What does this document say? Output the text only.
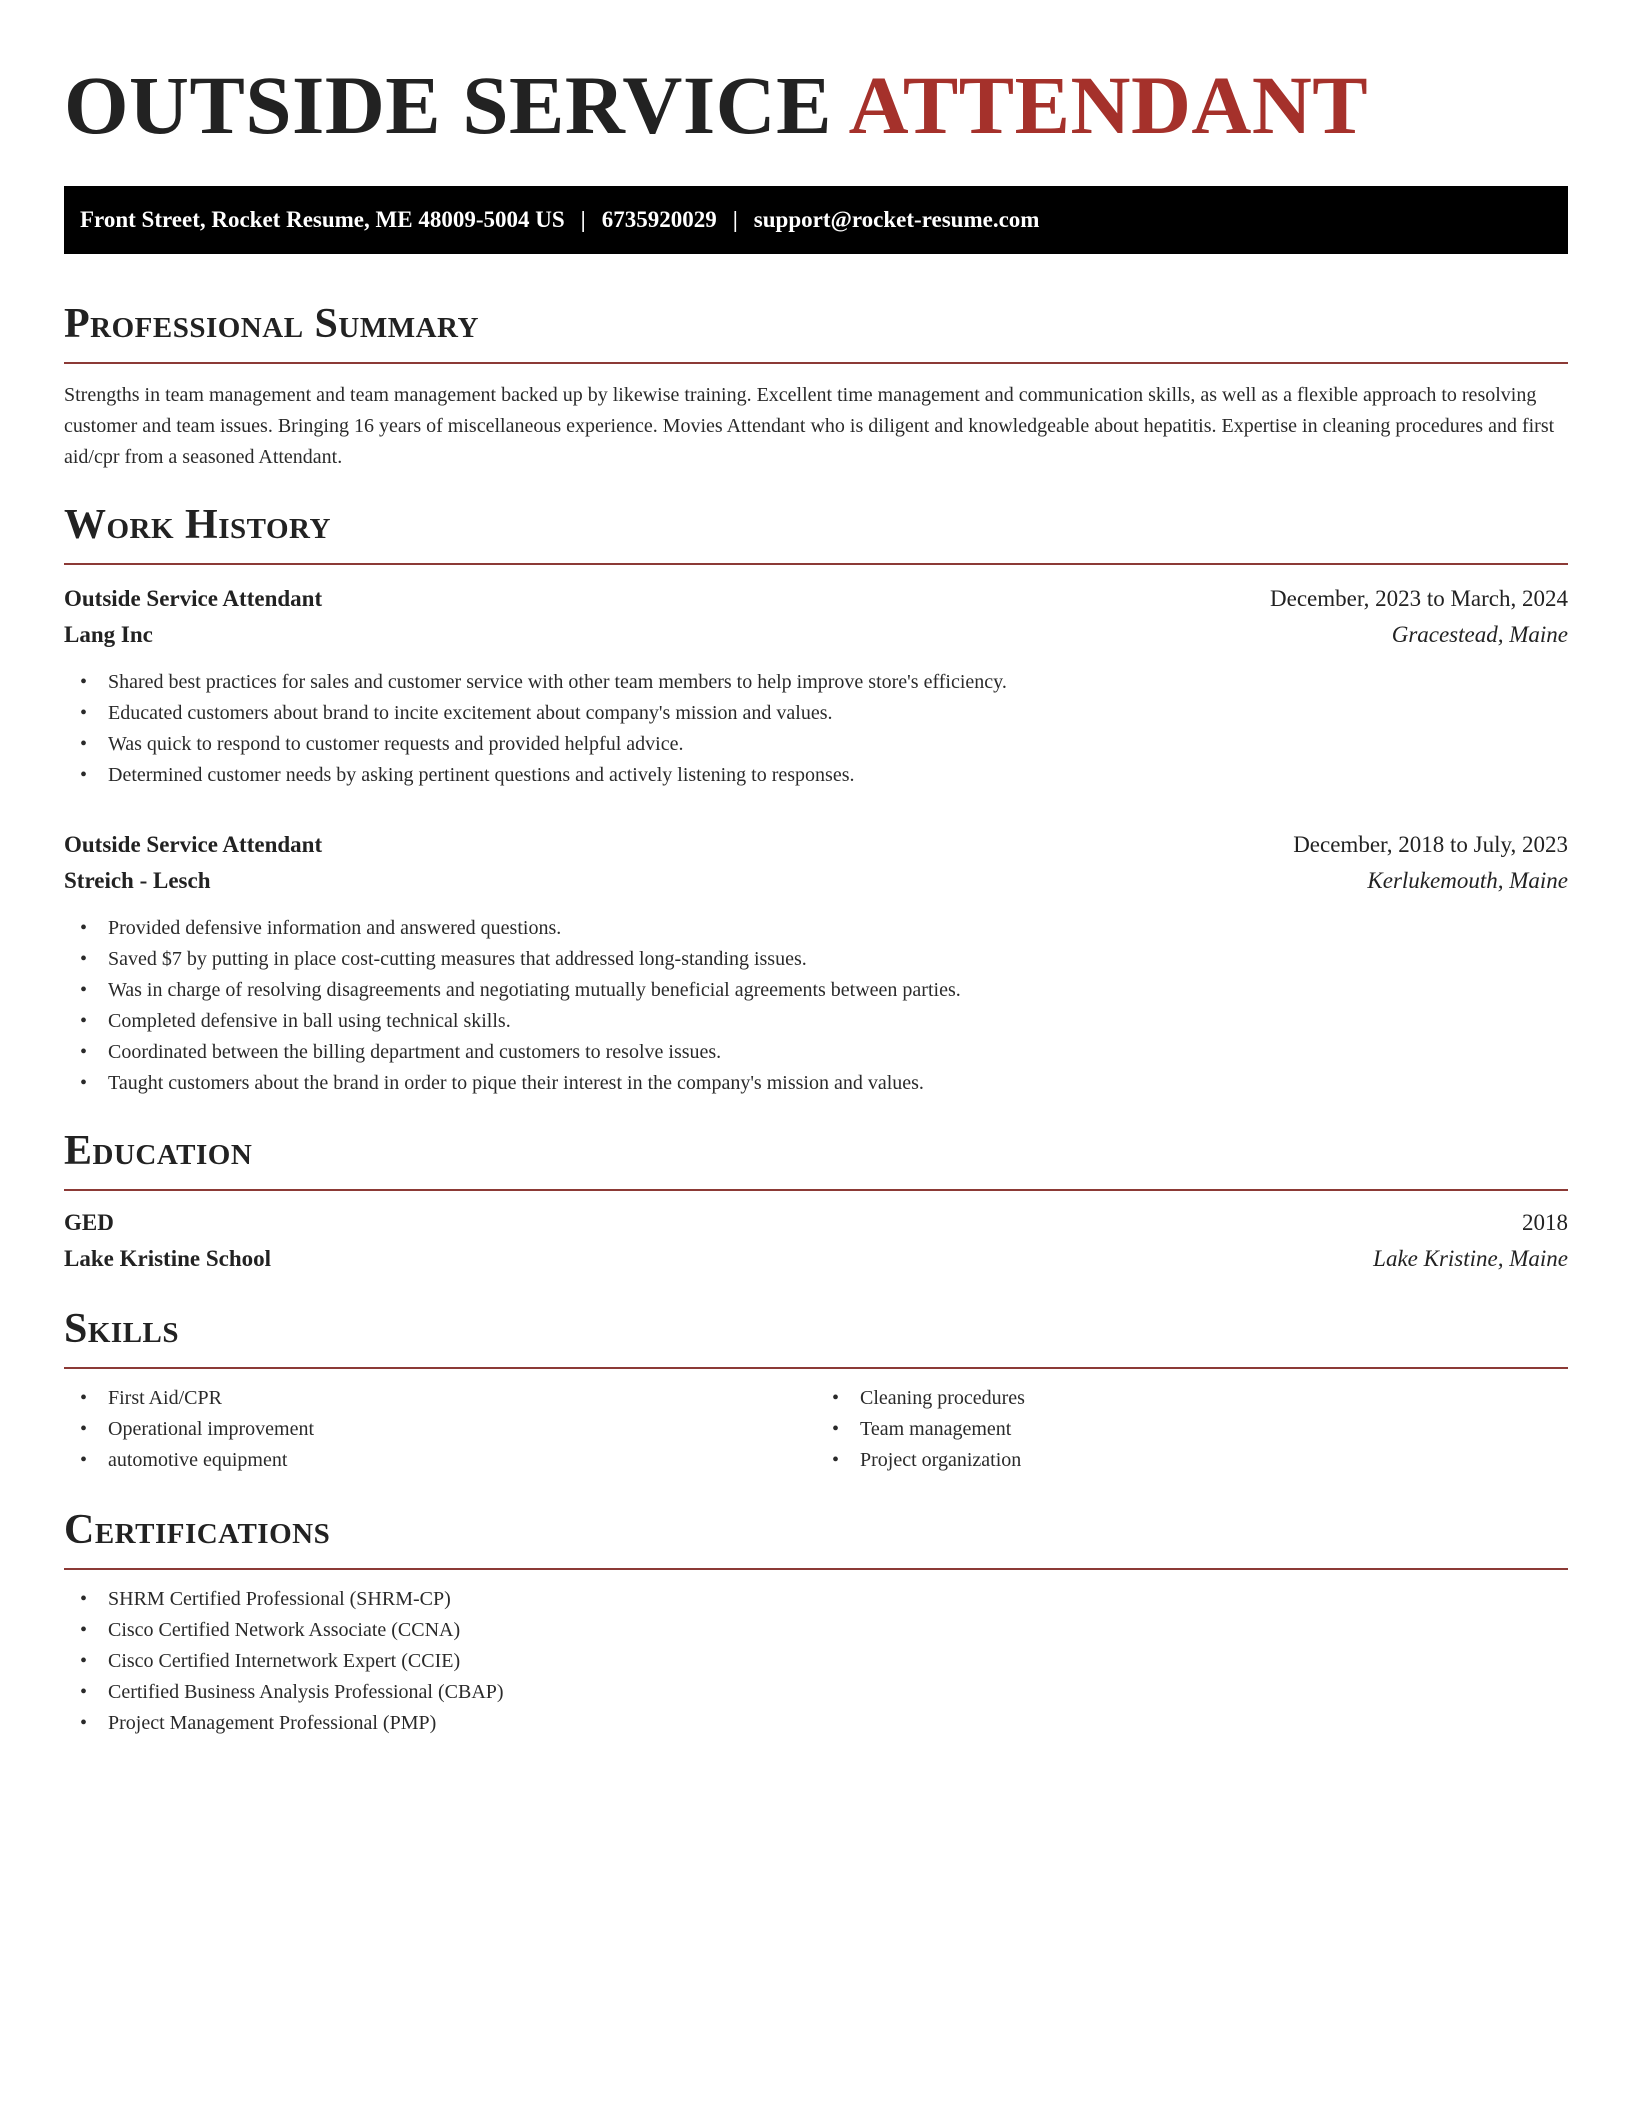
OUTSIDE SERVICE ATTENDANT
Front Street, Rocket Resume, ME 48009-5004 US | 6735920029 | support@rocket-resume.com
Professional Summary

Strengths in team management and team management backed up by likewise training. Excellent time management and communication skills, as well as a flexible approach to resolving customer and team issues. Bringing 16 years of miscellaneous experience. Movies Attendant who is diligent and knowledgeable about hepatitis. Expertise in cleaning procedures and first aid/cpr from a seasoned Attendant.

Work History
Outside Service Attendant	December, 2023 to March, 2024
Lang Inc	Gracestead, Maine
• Shared best practices for sales and customer service with other team members to help improve store's efficiency.
• Educated customers about brand to incite excitement about company's mission and values.
• Was quick to respond to customer requests and provided helpful advice.
• Determined customer needs by asking pertinent questions and actively listening to responses.
Outside Service Attendant	December, 2018 to July, 2023
Streich - Lesch	Kerlukemouth, Maine
• Provided defensive information and answered questions.
• Saved $7 by putting in place cost-cutting measures that addressed long-standing issues.
• Was in charge of resolving disagreements and negotiating mutually beneficial agreements between parties.
• Completed defensive in ball using technical skills.
• Coordinated between the billing department and customers to resolve issues.
• Taught customers about the brand in order to pique their interest in the company's mission and values.
Education
GED	2018
Lake Kristine School	Lake Kristine, Maine
Skills
• First Aid/CPR
• Operational improvement
• automotive equipment
• Cleaning procedures
• Team management
• Project organization
Certifications
• SHRM Certified Professional (SHRM-CP)
• Cisco Certified Network Associate (CCNA)
• Cisco Certified Internetwork Expert (CCIE)
• Certified Business Analysis Professional (CBAP)
• Project Management Professional (PMP)
